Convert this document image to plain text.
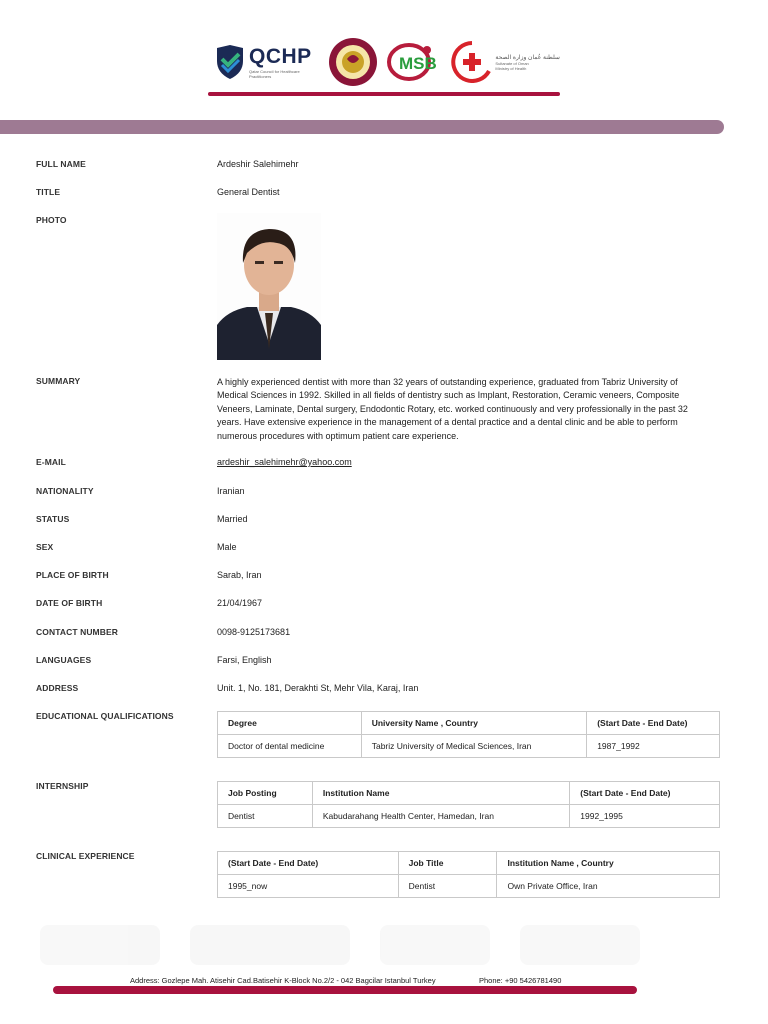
QCHP
Qatar Council for Healthcare Practitioners
MSB	سلطنة عُمان وزارة الصحة
Sultanate of Oman
Ministry of Health
FULL NAME	Ardeshir Salehimehr
TITLE	General Dentist
PHOTO
SUMMARY	A highly experienced dentist with more than 32 years of outstanding experience, graduated from Tabriz University of Medical Sciences in 1992. Skilled in all fields of dentistry such as Implant, Restoration, Ceramic veneers, Composite Veneers, Laminate, Dental surgery, Endodontic Rotary, etc. worked continuously and very professionally in the past 32 years. Have extensive experience in the management of a dental practice and a dental clinic and be able to perform numerous procedures with optimum patient care experience.
E-MAIL	ardeshir_salehimehr@yahoo.com
NATIONALITY	Iranian
STATUS	Married
SEX	Male
PLACE OF BIRTH	Sarab, Iran
DATE OF BIRTH	21/04/1967
CONTACT NUMBER	0098-9125173681
LANGUAGES	Farsi, English
ADDRESS	Unit. 1, No. 181, Derakhti St, Mehr Vila, Karaj, Iran
EDUCATIONAL QUALIFICATIONS
Degree	University Name , Country	(Start Date - End Date)
Doctor of dental medicine	Tabriz University of Medical Sciences, Iran	1987_1992
INTERNSHIP
Job Posting	Institution Name	(Start Date - End Date)
Dentist	Kabudarahang Health Center, Hamedan, Iran	1992_1995
CLINICAL EXPERIENCE
(Start Date - End Date)	Job Title	Institution Name , Country
1995_now	Dentist	Own Private Office, Iran
Address: Gozlepe Mah. Atisehir Cad.Batisehir K-Block No.2/2 - 042 Bagcilar Istanbul Turkey	Phone: +90 5426781490
